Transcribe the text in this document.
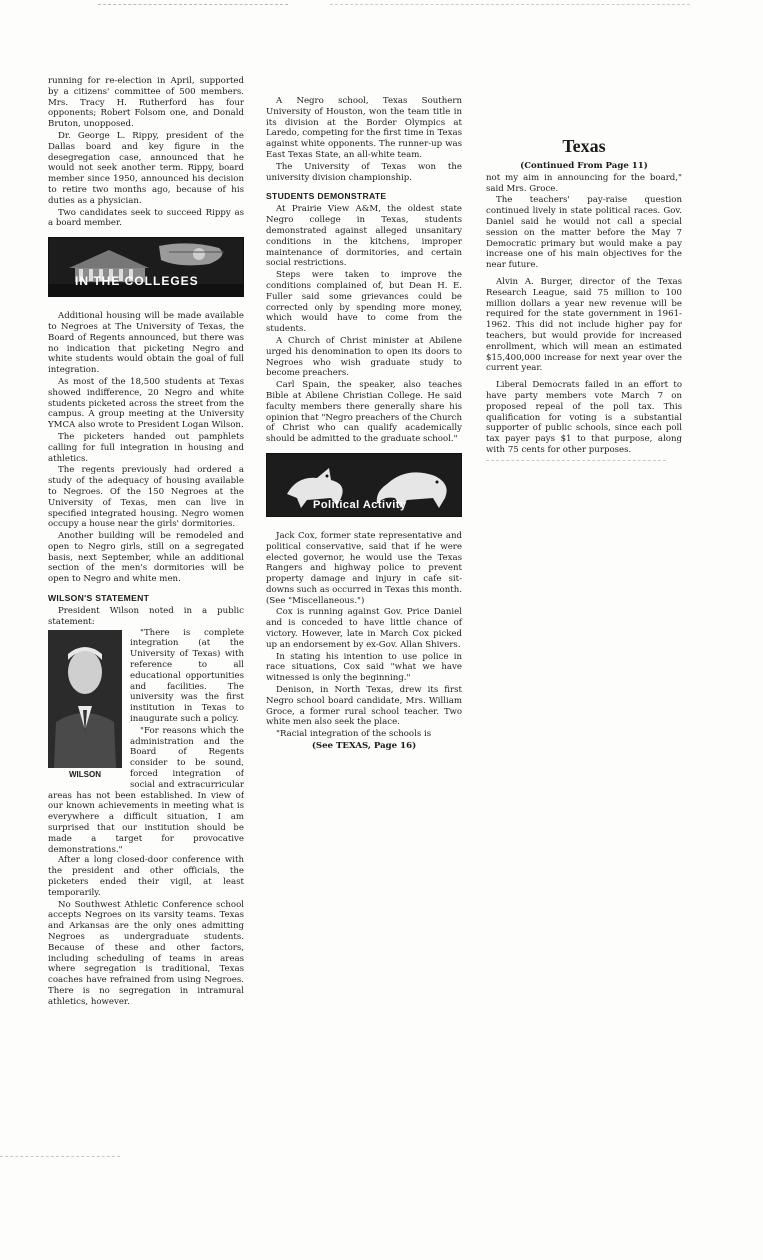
running for re-election in April, supported by a citizens' committee of 500 members. Mrs. Tracy H. Rutherford has four opponents; Robert Folsom one, and Donald Bruton, unopposed.

Dr. George L. Rippy, president of the Dallas board and key figure in the desegregation case, announced that he would not seek another term. Rippy, board member since 1950, announced his decision to retire two months ago, because of his duties as a physician.

Two candidates seek to succeed Rippy as a board member.

IN THE COLLEGES

Additional housing will be made available to Negroes at The University of Texas, the Board of Regents announced, but there was no indication that picketing Negro and white students would obtain the goal of full integration.

As most of the 18,500 students at Texas showed indifference, 20 Negro and white students picketed across the street from the campus. A group meeting at the University YMCA also wrote to President Logan Wilson.

The picketers handed out pamphlets calling for full integration in housing and athletics.

The regents previously had ordered a study of the adequacy of housing available to Negroes. Of the 150 Negroes at the University of Texas, men can live in specified integrated housing. Negro women occupy a house near the girls' dormitories.

Another building will be remodeled and open to Negro girls, still on a segregated basis, next September, while an additional section of the men's dormitories will be open to Negro and white men.

WILSON'S STATEMENT

President Wilson noted in a public statement:

WILSON

"There is complete integration (at the University of Texas) with reference to all educational opportunities and facilities. The university was the first institution in Texas to inaugurate such a policy.

"For reasons which the administration and the Board of Regents consider to be sound, forced integration of social and extracurricular areas has not been established. In view of our known achievements in meeting what is everywhere a difficult situation, I am surprised that our institution should be made a target for provocative demonstrations."

After a long closed-door conference with the president and other officials, the picketers ended their vigil, at least temporarily.

No Southwest Athletic Conference school accepts Negroes on its varsity teams. Texas and Arkansas are the only ones admitting Negroes as undergraduate students. Because of these and other factors, including scheduling of teams in areas where segregation is traditional, Texas coaches have refrained from using Negroes. There is no segregation in intramural athletics, however.

A Negro school, Texas Southern University of Houston, won the team title in its division at the Border Olympics at Laredo, competing for the first time in Texas against white opponents. The runner-up was East Texas State, an all-white team.

The University of Texas won the university division championship.

STUDENTS DEMONSTRATE

At Prairie View A&M, the oldest state Negro college in Texas, students demonstrated against alleged unsanitary conditions in the kitchens, improper maintenance of dormitories, and certain social restrictions.

Steps were taken to improve the conditions complained of, but Dean H. E. Fuller said some grievances could be corrected only by spending more money, which would have to come from the students.

A Church of Christ minister at Abilene urged his denomination to open its doors to Negroes who wish graduate study to become preachers.

Carl Spain, the speaker, also teaches Bible at Abilene Christian College. He said faculty members there generally share his opinion that "Negro preachers of the Church of Christ who can qualify academically should be admitted to the graduate school."

Political Activity

Jack Cox, former state representative and political conservative, said that if he were elected governor, he would use the Texas Rangers and highway police to prevent property damage and injury in cafe sit-downs such as occurred in Texas this month. (See "Miscellaneous.")

Cox is running against Gov. Price Daniel and is conceded to have little chance of victory. However, late in March Cox picked up an endorsement by ex-Gov. Allan Shivers.

In stating his intention to use police in race situations, Cox said "what we have witnessed is only the beginning."

Denison, in North Texas, drew its first Negro school board candidate, Mrs. William Groce, a former rural school teacher. Two white men also seek the place.

"Racial integration of the schools is

(See TEXAS, Page 16)

Texas

(Continued From Page 11)

not my aim in announcing for the board," said Mrs. Groce.

The teachers' pay-raise question continued lively in state political races. Gov. Daniel said he would not call a special session on the matter before the May 7 Democratic primary but would make a pay increase one of his main objectives for the near future.

Alvin A. Burger, director of the Texas Research League, said 75 million to 100 million dollars a year new revenue will be required for the state government in 1961-1962. This did not include higher pay for teachers, but would provide for increased enrollment, which will mean an estimated $15,400,000 increase for next year over the current year.

Liberal Democrats failed in an effort to have party members vote March 7 on proposed repeal of the poll tax. This qualification for voting is a substantial supporter of public schools, since each poll tax payer pays $1 to that purpose, along with 75 cents for other purposes.
